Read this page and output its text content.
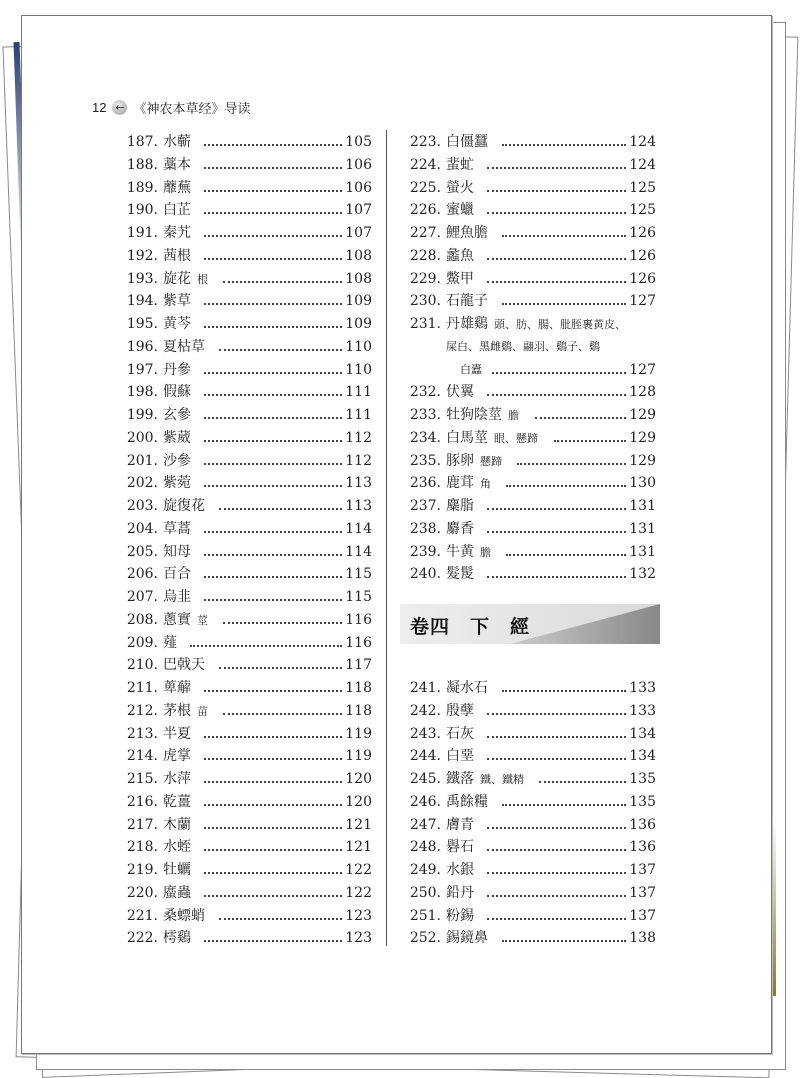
12 ← 《神农本草经》导读
187. 水蘄	105
188. 藁本	106
189. 蘼蕪	106
190. 白芷	107
191. 秦艽	107
192. 茜根	108
193. 旋花 根	108
194. 紫草	109
195. 黄芩	109
196. 夏枯草	110
197. 丹參	110
198. 假蘇	111
199. 玄參	111
200. 紫葳	112
201. 沙參	112
202. 紫菀	113
203. 旋復花	113
204. 草蒿	114
205. 知母	114
206. 百合	115
207. 烏韭	115
208. 蔥實 莖	116
209. 薤	116
210. 巴戟天	117
211. 萆薢	118
212. 茅根 苗	118
213. 半夏	119
214. 虎掌	119
215. 水萍	120
216. 乾薑	120
217. 木蘭	121
218. 水蛭	121
219. 牡蠣	122
220. 䗪蟲	122
221. 桑螵蛸	123
222. 樗鷄	123
223. 白僵蠶	124
224. 蜚虻	124
225. 螢火	125
226. 蜜蠟	125
227. 鯉魚膽	126
228. 蠡魚	126
229. 鱉甲	126
230. 石龍子	127
231. 丹雄鷄 頭、肪、腸、肶胵裹黄皮、
屎白、黑雌鷄、翮羽、鷄子、鷄
白蠹	127
232. 伏翼	128
233. 牡狗陰莖 膽	129
234. 白馬莖 眼、懸蹄	129
235. 豚卵 懸蹄	129
236. 鹿茸 角	130
237. 麋脂	131
238. 麝香	131
239. 牛黄 膽	131
240. 髮髲	132
241. 凝水石	133
242. 殷孽	133
243. 石灰	134
244. 白堊	134
245. 鐵落 鐵、鐵精	135
246. 禹餘糧	135
247. 膚青	136
248. 礜石	136
249. 水銀	137
250. 鉛丹	137
251. 粉錫	137
252. 錫鏡鼻	138
卷四　下　經
